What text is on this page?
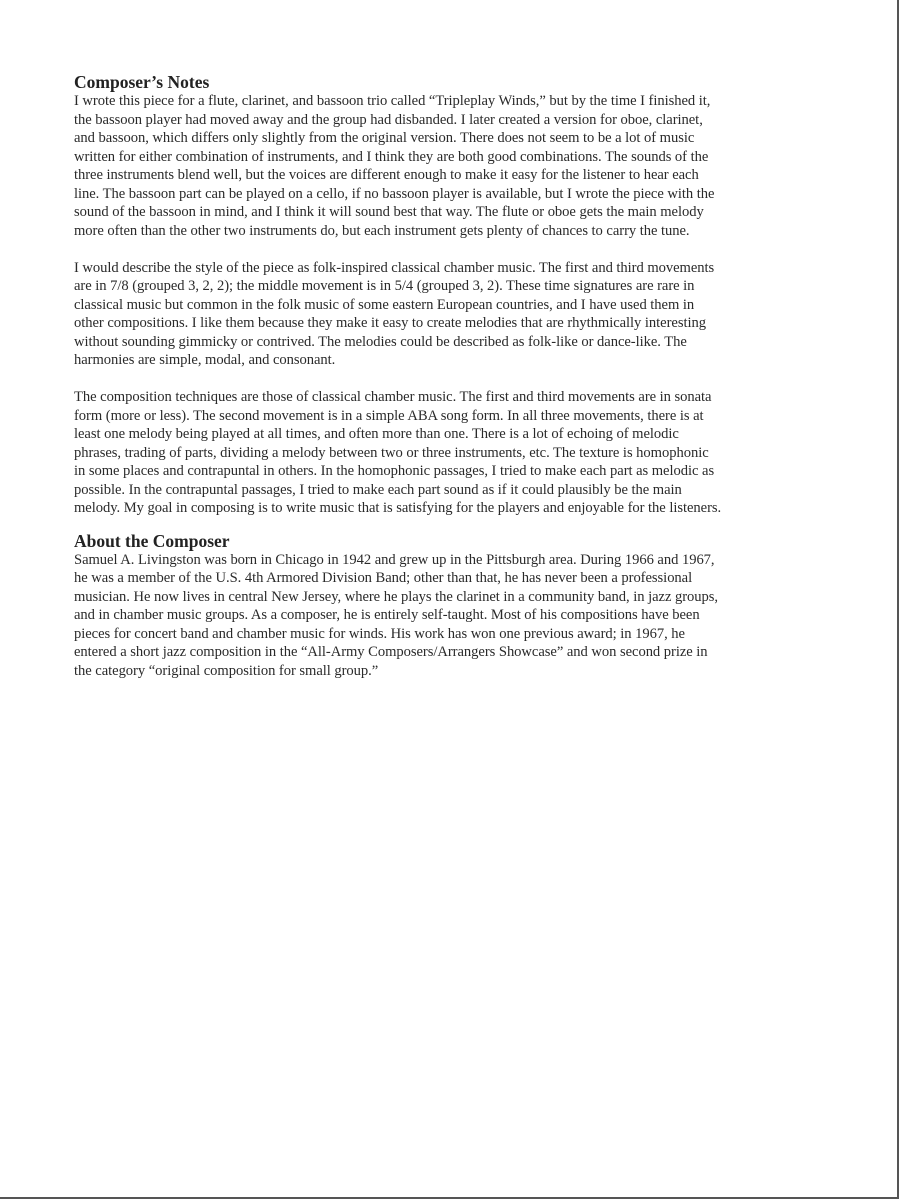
Composer’s Notes

I wrote this piece for a flute, clarinet, and bassoon trio called “Tripleplay Winds,” but by the time I finished it,
the bassoon player had moved away and the group had disbanded. I later created a version for oboe, clarinet,
and bassoon, which differs only slightly from the original version. There does not seem to be a lot of music
written for either combination of instruments, and I think they are both good combinations. The sounds of the
three instruments blend well, but the voices are different enough to make it easy for the listener to hear each
line. The bassoon part can be played on a cello, if no bassoon player is available, but I wrote the piece with the
sound of the bassoon in mind, and I think it will sound best that way. The flute or oboe gets the main melody
more often than the other two instruments do, but each instrument gets plenty of chances to carry the tune.

I would describe the style of the piece as folk-inspired classical chamber music. The first and third movements
are in 7/8 (grouped 3, 2, 2); the middle movement is in 5/4 (grouped 3, 2). These time signatures are rare in
classical music but common in the folk music of some eastern European countries, and I have used them in
other compositions. I like them because they make it easy to create melodies that are rhythmically interesting
without sounding gimmicky or contrived. The melodies could be described as folk-like or dance-like. The
harmonies are simple, modal, and consonant.

The composition techniques are those of classical chamber music. The first and third movements are in sonata
form (more or less). The second movement is in a simple ABA song form. In all three movements, there is at
least one melody being played at all times, and often more than one. There is a lot of echoing of melodic
phrases, trading of parts, dividing a melody between two or three instruments, etc. The texture is homophonic
in some places and contrapuntal in others. In the homophonic passages, I tried to make each part as melodic as
possible. In the contrapuntal passages, I tried to make each part sound as if it could plausibly be the main
melody. My goal in composing is to write music that is satisfying for the players and enjoyable for the listeners.

About the Composer

Samuel A. Livingston was born in Chicago in 1942 and grew up in the Pittsburgh area. During 1966 and 1967,
he was a member of the U.S. 4th Armored Division Band; other than that, he has never been a professional
musician. He now lives in central New Jersey, where he plays the clarinet in a community band, in jazz groups,
and in chamber music groups. As a composer, he is entirely self-taught. Most of his compositions have been
pieces for concert band and chamber music for winds. His work has won one previous award; in 1967, he
entered a short jazz composition in the “All-Army Composers/Arrangers Showcase” and won second prize in
the category “original composition for small group.”
